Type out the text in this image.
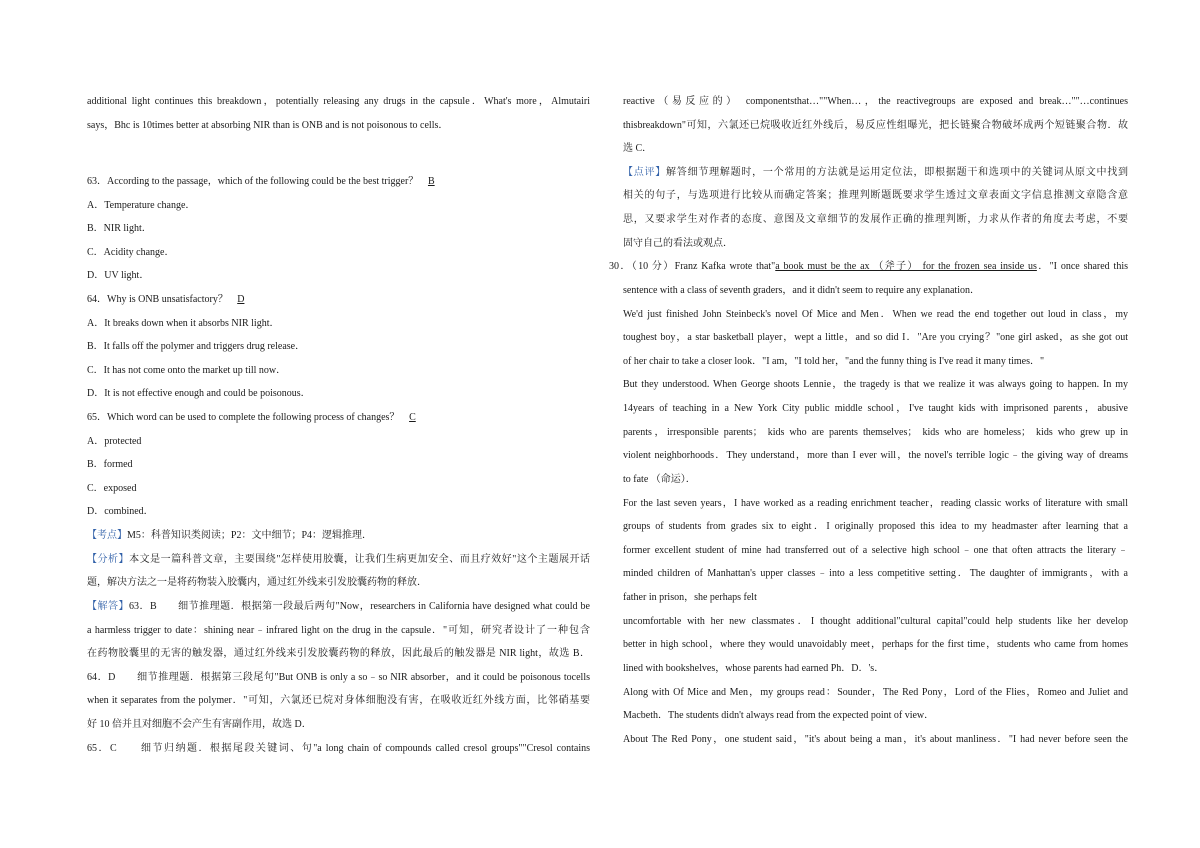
additional light continues this breakdown，potentially releasing any drugs in the capsule．What's more，Almutairi
says，Bhc is 10times better at absorbing NIR than is ONB and is not poisonous to cells．
63．According to the passage，which of the following could be the best trigger？ B
A．Temperature change．
B．NIR light．
C．Acidity change．
D．UV light．
64．Why is ONB unsatisfactory？ D
A．It breaks down when it absorbs NIR light．
B．It falls off the polymer and triggers drug release．
C．It has not come onto the market up till now．
D．It is not effective enough and could be poisonous．
65．Which word can be used to complete the following process of changes？ C
A．protected
B．formed
C．exposed
D．combined．
【考点】M5：科普知识类阅读；P2：文中细节；P4：逻辑推理．
【分析】本文是一篇科普文章，主要围绕"怎样使用胶囊，让我们生病更加安全、而且疗效好"这个主题展开话
题，解决方法之一是将药物装入胶囊内，通过红外线来引发胶囊药物的释放．
【解答】63．B　　细节推理题．根据第一段最后两句"Now，researchers in California have designed what could be
a harmless trigger to date：shining near﹣infrared light on the drug in the capsule．"可知，研究者设计了一种包含
在药物胶囊里的无害的触发器，通过红外线来引发胶囊药物的释放，因此最后的触发器是 NIR light，故选 B．
64．D　　细节推理题．根据第三段尾句"But ONB is only a so﹣so NIR absorber，and it could be poisonous tocells
when it separates from the polymer．"可知，六氯还已烷对身体细胞没有害，在吸收近红外线方面，比邻硝基要
好 10 倍并且对细胞不会产生有害副作用，故选 D．
65．C　　细节归纳题．根据尾段关键词、句"a long chain of compounds called cresol groups""Cresol contains
reactive（易反应的） componentsthat…""When…，the reactivegroups are exposed and break…""…continues
thisbreakdown"可知，六氯还已烷吸收近红外线后，易反应性组曝光，把长链聚合物破坏成两个短链聚合物．故
选 C．
【点评】解答细节理解题时，一个常用的方法就是运用定位法，即根据题干和选项中的关键词从原文中找到
相关的句子，与选项进行比较从而确定答案；推理判断题既要求学生透过文章表面文字信息推测文章隐含意
思，又要求学生对作者的态度、意图及文章细节的发展作正确的推理判断，力求从作者的角度去考虑，不要
固守自己的看法或观点．
30．（10 分）Franz Kafka wrote that"a book must be the ax （斧子） for the frozen sea inside us．"I once shared this
sentence with a class of seventh graders，and it didn't seem to require any explanation．
We'd just finished John Steinbeck's novel Of Mice and Men．When we read the end together out loud in class，my
toughest boy，a star basketball player，wept a little，and so did I．"Are you crying？"one girl asked，as she got out
of her chair to take a closer look．"I am，"I told her，"and the funny thing is I've read it many times．"
But they understood. When George shoots Lennie，the tragedy is that we realize it was always going to happen. In my
14years of teaching in a New York City public middle school，I've taught kids with imprisoned parents，abusive
parents，irresponsible parents； kids who are parents themselves； kids who are homeless； kids who grew up in
violent neighborhoods．They understand，more than I ever will，the novel's terrible logic﹣the giving way of dreams
to fate （命运）．
For the last seven years，I have worked as a reading enrichment teacher，reading classic works of literature with small
groups of students from grades six to eight．I originally proposed this idea to my headmaster after learning that a
former excellent student of mine had transferred out of a selective high school﹣one that often attracts the literary﹣
minded children of Manhattan's upper classes﹣into a less competitive setting．The daughter of immigrants，with a
father in prison，she perhaps felt
uncomfortable with her new classmates．I thought additional"cultural capital"could help students like her develop
better in high school，where they would unavoidably meet，perhaps for the first time，students who came from homes
lined with bookshelves，whose parents had earned Ph．D．'s．
Along with Of Mice and Men，my groups read：Sounder，The Red Pony，Lord of the Flies，Romeo and Juliet and
Macbeth．The students didn't always read from the expected point of view．
About The Red Pony，one student said，"it's about being a man，it's about manliness．"I had never before seen the
